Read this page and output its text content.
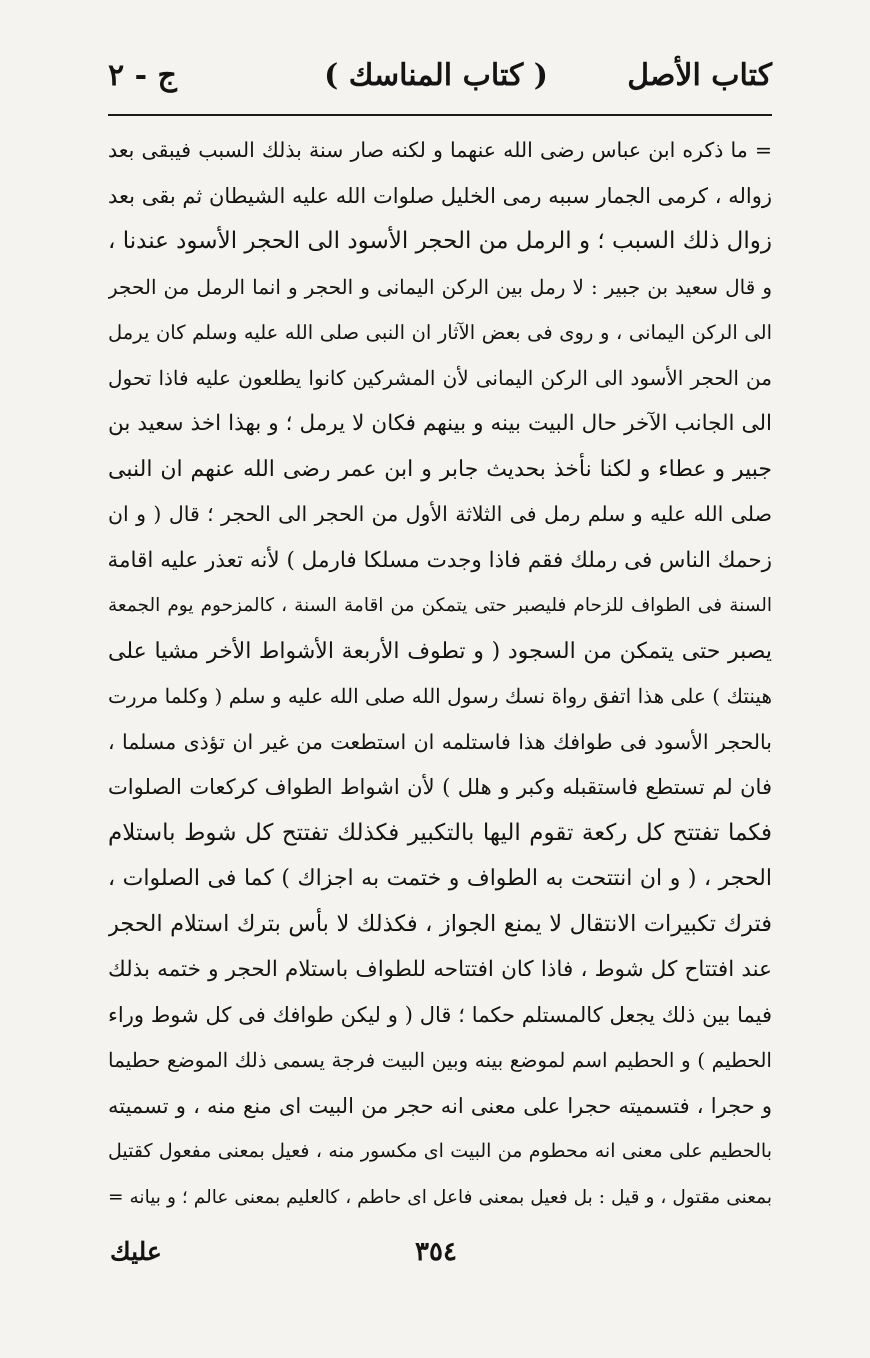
كتاب الأصل
( كتاب المناسك )
ج - ٢
= ما ذكره ابن عباس رضى الله عنهما و لكنه صار سنة بذلك السبب فيبقى بعد
زواله ، كرمى الجمار سببه رمى الخليل صلوات الله عليه الشيطان ثم بقى بعد
زوال ذلك السبب ؛ و الرمل من الحجر الأسود الى الحجر الأسود عندنا ،
و قال سعيد بن جبير : لا رمل بين الركن اليمانى و الحجر و انما الرمل من الحجر
الى الركن اليمانى ، و روى فى بعض الآثار ان النبى صلى الله عليه وسلم كان يرمل
من الحجر الأسود الى الركن اليمانى لأن المشركين كانوا يطلعون عليه فاذا تحول
الى الجانب الآخر حال البيت بينه و بينهم فكان لا يرمل ؛ و بهذا اخذ سعيد بن
جبير و عطاء و لكنا نأخذ بحديث جابر و ابن عمر رضى الله عنهم ان النبى
صلى الله عليه و سلم رمل فى الثلاثة الأول من الحجر الى الحجر ؛ قال ( و ان
زحمك الناس فى رملك فقم فاذا وجدت مسلكا فارمل ) لأنه تعذر عليه اقامة
السنة فى الطواف للزحام فليصبر حتى يتمكن من اقامة السنة ، كالمزحوم يوم الجمعة
يصبر حتى يتمكن من السجود ( و تطوف الأربعة الأشواط الأخر مشيا على
هينتك ) على هذا اتفق رواة نسك رسول الله صلى الله عليه و سلم ( وكلما مررت
بالحجر الأسود فى طوافك هذا فاستلمه ان استطعت من غير ان تؤذى مسلما ،
فان لم تستطع فاستقبله وكبر و هلل ) لأن اشواط الطواف كركعات الصلوات
فكما تفتتح كل ركعة تقوم اليها بالتكبير فكذلك تفتتح كل شوط باستلام
الحجر ، ( و ان انتتحت به الطواف و ختمت به اجزاك ) كما فى الصلوات ،
فترك تكبيرات الانتقال لا يمنع الجواز ، فكذلك لا بأس بترك استلام الحجر
عند افتتاح كل شوط ، فاذا كان افتتاحه للطواف باستلام الحجر و ختمه بذلك
فيما بين ذلك يجعل كالمستلم حكما ؛ قال ( و ليكن طوافك فى كل شوط وراء
الحطيم ) و الحطيم اسم لموضع بينه وبين البيت فرجة يسمى ذلك الموضع حطيما
و حجرا ، فتسميته حجرا على معنى انه حجر من البيت اى منع منه ، و تسميته
بالحطيم على معنى انه محطوم من البيت اى مكسور منه ، فعيل بمعنى مفعول كقتيل
بمعنى مقتول ، و قيل : بل فعيل بمعنى فاعل اى حاطم ، كالعليم بمعنى عالم ؛ و بيانه =
٣٥٤
عليك
